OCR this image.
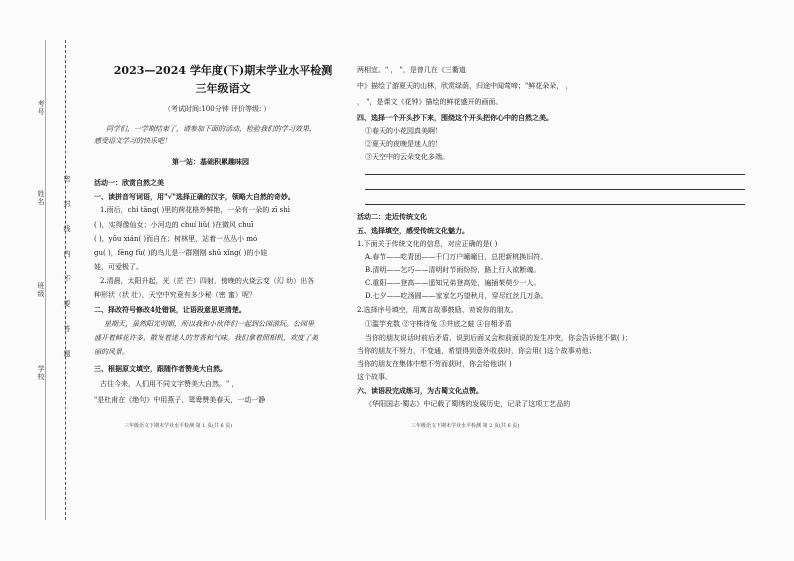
考号
姓名
班级
学校
密
封
线
内
不
要
答
题
2023—2024 学年度(下)期末学业水平检测
三年级语文
（考试时间:100分钟 评价等级: ）
同学们，一学期结束了，请参加下面的活动，检验我们的学习效果，
感受语文学习的快乐吧！
第一站：基础积累趣味园
活动一：欣赏自然之美
一、读拼音写词语，用"√"选择正确的汉字，领略大自然的奇妙。
1.雨后，chí tāng( )里的荷花格外鲜艳，一朵有一朵的 zī shì
( )，实得像仙女；小河边的 chuí liǔ( )在微风 chuī
( )，yǒu xián( )而自在；树林里，站着一丛丛小 mó
gu( )，fēng fù( )的鸟儿是一群刚刚 shū xǐng( )的小娃
娃，可爱极了。
2.清晨，太阳升起，光（茫 芒）四射，傍晚的火烧云变（幻 幼）出各
种形状（状 壮），天空中究竟有多少秘（密 蜜）呢？
二、择改符号修改4处错误，让语段意思更清楚。
星期天，虽然阳光明媚，所以我和小伙伴们一起到公园游玩。公园里
盛开着鲜花许多，散发着迷人的芳香和气味。我们拿着照相机，欢度了美
丽的风景。
三、根据原文填空，跟随作者赞美大自然。
古往今来，人们用不同文字赞美大自然。" ，
"是杜甫在《绝句》中用燕子、鸳鸯赞美春天，一动一静
三年级语文下期末学业水平检测 第 1 页(共 6 页)
两相宜。" ， "，是曾几在《三衢道
中》描绘了游夏天的山林，欣赏绿荫，归途中闻莺啼；"鲜花朵朵， ，
， "，是课文《花钟》描绘的鲜花盛开的画面。
四、选择一个开头抄下来，围绕这个开头把你心中的自然之美。
①春天的小花园真美啊！
②夏天的夜晚是迷人的！
③天空中的云朵变化多端。
活动二：走近传统文化
五、选择填空，感受传统文化魅力。
1.下面关于传统文化的信息，对应正确的是( )
A.春节——吃青团——千门万户曈曈日，总把新桃换旧符。
B.清明——乞巧——清明时节雨纷纷，路上行人欲断魂。
C.重阳——登高——遥知兄弟登高处，遍插茱萸少一人。
D.七夕——吃汤圆——家家乞巧望秋月，穿尽红丝几万条。
2.选择序号填空，用寓言故事鼓励、劝说你的朋友。
①滥竽充数 ②守株待兔 ③井底之蛙 ④自相矛盾
当你的朋友说话时前后矛盾，说到后面又会和前面说的发生冲突，你会告诉他不做( )；
当你的朋友不努力，不变通，希望得到意外收获时，你会用( )这个故事劝他；
当你的朋友在集体中想不劳而获时，你会给他讲( )
这个故事。
六、读语段完成练习，为古蜀文化点赞。
《华阳国志·蜀志》中记载了蜀绣的发展历史，记录了这项工艺品的
三年级语文下期末学业水平检测 第 2 页(共 6 页)
